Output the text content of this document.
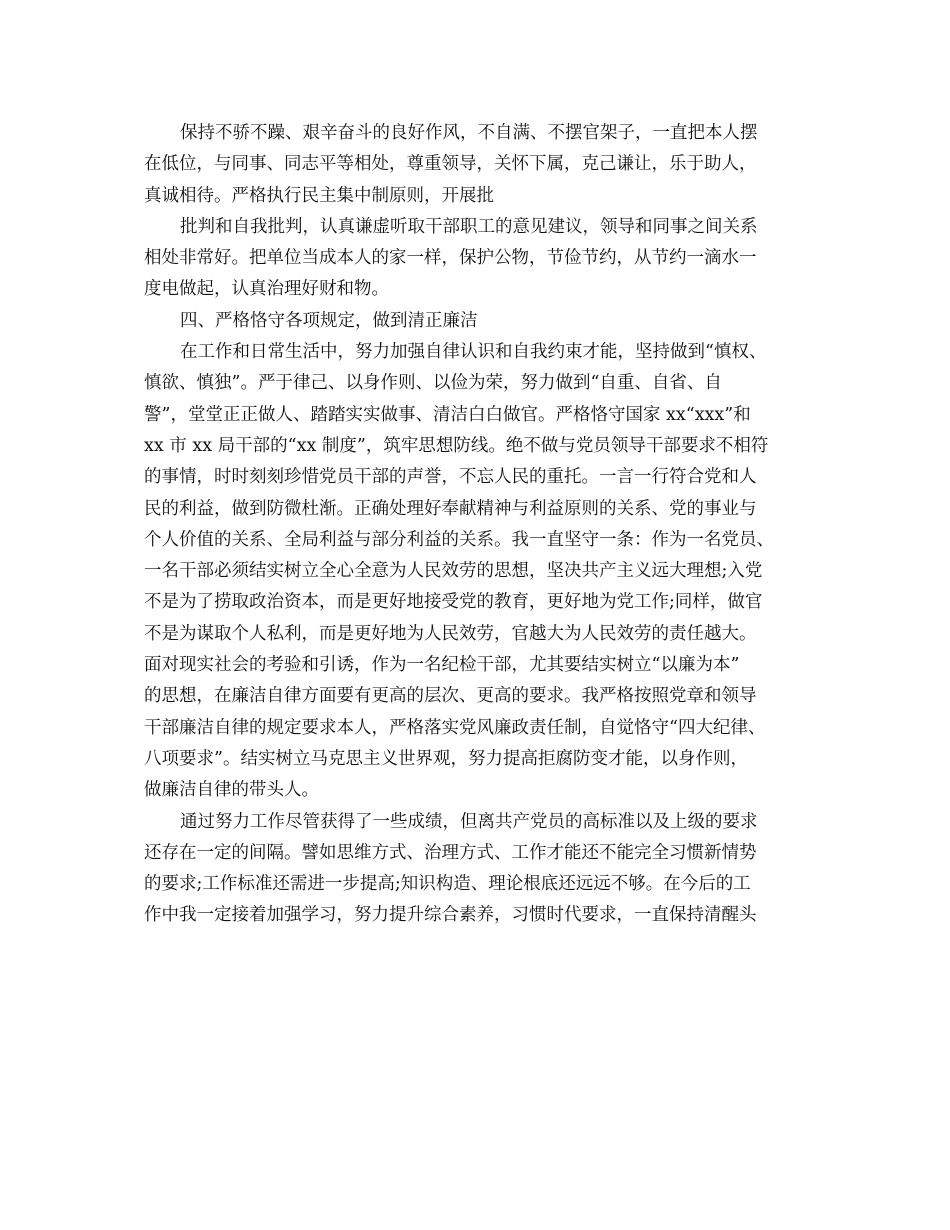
保持不骄不躁、艰辛奋斗的良好作风，不自满、不摆官架子，一直把本人摆
在低位，与同事、同志平等相处，尊重领导，关怀下属，克己谦让，乐于助人，
真诚相待。严格执行民主集中制原则，开展批
批判和自我批判，认真谦虚听取干部职工的意见建议，领导和同事之间关系
相处非常好。把单位当成本人的家一样，保护公物，节俭节约，从节约一滴水一
度电做起，认真治理好财和物。
四、严格恪守各项规定，做到清正廉洁
在工作和日常生活中，努力加强自律认识和自我约束才能，坚持做到“慎权、
慎欲、慎独”。严于律己、以身作则、以俭为荣，努力做到“自重、自省、自
警”，堂堂正正做人、踏踏实实做事、清洁白白做官。严格恪守国家 xx“xxx”和
xx 市 xx 局干部的“xx 制度”，筑牢思想防线。绝不做与党员领导干部要求不相符
的事情，时时刻刻珍惜党员干部的声誉，不忘人民的重托。一言一行符合党和人
民的利益，做到防微杜渐。正确处理好奉献精神与利益原则的关系、党的事业与
个人价值的关系、全局利益与部分利益的关系。我一直坚守一条：作为一名党员、
一名干部必须结实树立全心全意为人民效劳的思想，坚决共产主义远大理想;入党
不是为了捞取政治资本，而是更好地接受党的教育，更好地为党工作;同样，做官
不是为谋取个人私利，而是更好地为人民效劳，官越大为人民效劳的责任越大。
面对现实社会的考验和引诱，作为一名纪检干部，尤其要结实树立“以廉为本”
的思想，在廉洁自律方面要有更高的层次、更高的要求。我严格按照党章和领导
干部廉洁自律的规定要求本人，严格落实党风廉政责任制，自觉恪守“四大纪律、
八项要求”。结实树立马克思主义世界观，努力提高拒腐防变才能，以身作则，
做廉洁自律的带头人。
通过努力工作尽管获得了一些成绩，但离共产党员的高标准以及上级的要求
还存在一定的间隔。譬如思维方式、治理方式、工作才能还不能完全习惯新情势
的要求;工作标准还需进一步提高;知识构造、理论根底还远远不够。在今后的工
作中我一定接着加强学习，努力提升综合素养，习惯时代要求，一直保持清醒头
